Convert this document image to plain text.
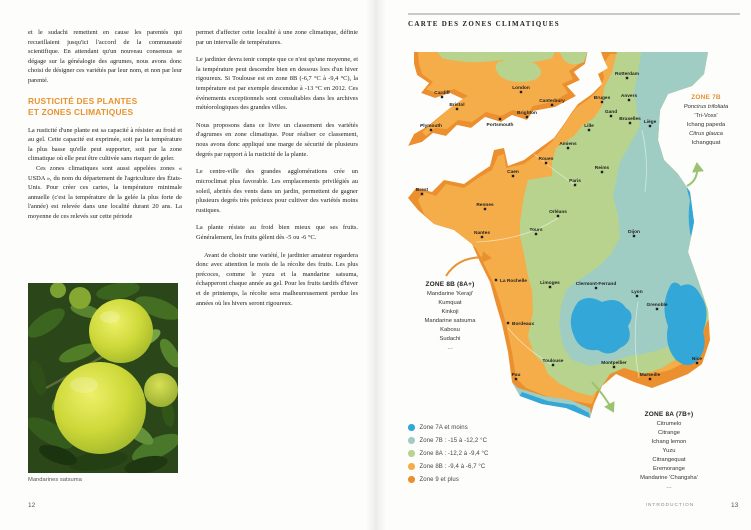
et le sudachi remettent en cause les parentés qui recueillaient jusqu'ici l'accord de la communauté scientifique. En attendant qu'un nouveau consensus se dégage sur la généalogie des agrumes, nous avons donc choisi de désigner ces variétés par leur nom, et non par leur parenté.

RUSTICITÉ DES PLANTES
ET ZONES CLIMATIQUES

La rusticité d'une plante est sa capacité à résister au froid et au gel. Cette capacité est exprimée, soit par la température la plus basse qu'elle peut supporter, soit par la zone climatique où elle peut être cultivée sans risquer de geler.

Ces zones climatiques sont aussi appelées zones « USDA », du nom du département de l'agriculture des États-Unis. Pour créer ces cartes, la température minimale annuelle (c'est la température de la gelée la plus forte de l'année) est relevée dans une localité durant 20 ans. La moyenne de ces relevés sur cette période

Mandarines satsuma
12

permet d'affecter cette localité à une zone climatique, définie par un intervalle de températures.

Le jardinier devra tenir compte que ce n'est qu'une moyenne, et la température peut descendre bien en dessous lors d'un hiver rigoureux. Si Toulouse est en zone 8B (-6,7 °C à -9,4 °C), la température est par exemple descendue à -13 °C en 2012. Ces événements exceptionnels sont consultables dans les archives météorologiques des grandes villes.

Nous proposons dans ce livre un classement des variétés d'agrumes en zone climatique. Pour réaliser ce classement, nous avons donc appliqué une marge de sécurité de plusieurs degrés par rapport à la rusticité de la plante.

Le centre-ville des grandes agglomérations crée un microclimat plus favorable. Les emplacements privilégiés au soleil, abrités des vents dans un jardin, permettent de gagner plusieurs degrés très précieux pour cultiver des variétés moins rustiques.

La plante résiste au froid bien mieux que ses fruits. Généralement, les fruits gèlent dès -5 ou -6 °C.

Avant de choisir une variété, le jardinier amateur regardera donc avec attention le mois de la récolte des fruits. Les plus précoces, comme le yuzu et la mandarine satsuma, échapperont chaque année au gel. Pour les fruits tardifs d'hiver et de printemps, la récolte sera malheureusement perdue les années où les hivers seront rigoureux.

CARTE DES ZONES CLIMATIQUES
Cardiff
Bristol
London
Canterbury
Brighton
Portsmouth
Plymouth
Rotterdam
Bruges Anvers
Gand
Bruxelles
Lille
Liège
Amiens
Rouen
Caen
Reims
Paris
Brest
Rennes
Orléans
Tours
Nantes	Dijon
La Rochelle	Limoges	Clermont-Ferrand
Lyon
Grenoble
Bordeaux
Toulouse	Montpellier
Pau	Marseille
Nice
ZONE 7B
Poncirus trifoliata
'Tri-Voss'
Ichang papeda
Citrus glauca
Ichangquat
ZONE 8B (8A+)
Mandarine 'Keraji'
Kumquat
Kinkoji
Mandarine satsuma
Kabosu
Sudachi
…
ZONE 8A (7B+)
Citrumelo
Citrange
Ichang lemon
Yuzu
Citrangequat
Eremorange
Mandarine 'Changsha'
…
Zone 7A et moins
Zone 7B : -15 à -12,2 °C
Zone 8A : -12,2 à -9,4 °C
Zone 8B : -9,4 à -6,7 °C
Zone 9 et plus
INTRODUCTION	13
